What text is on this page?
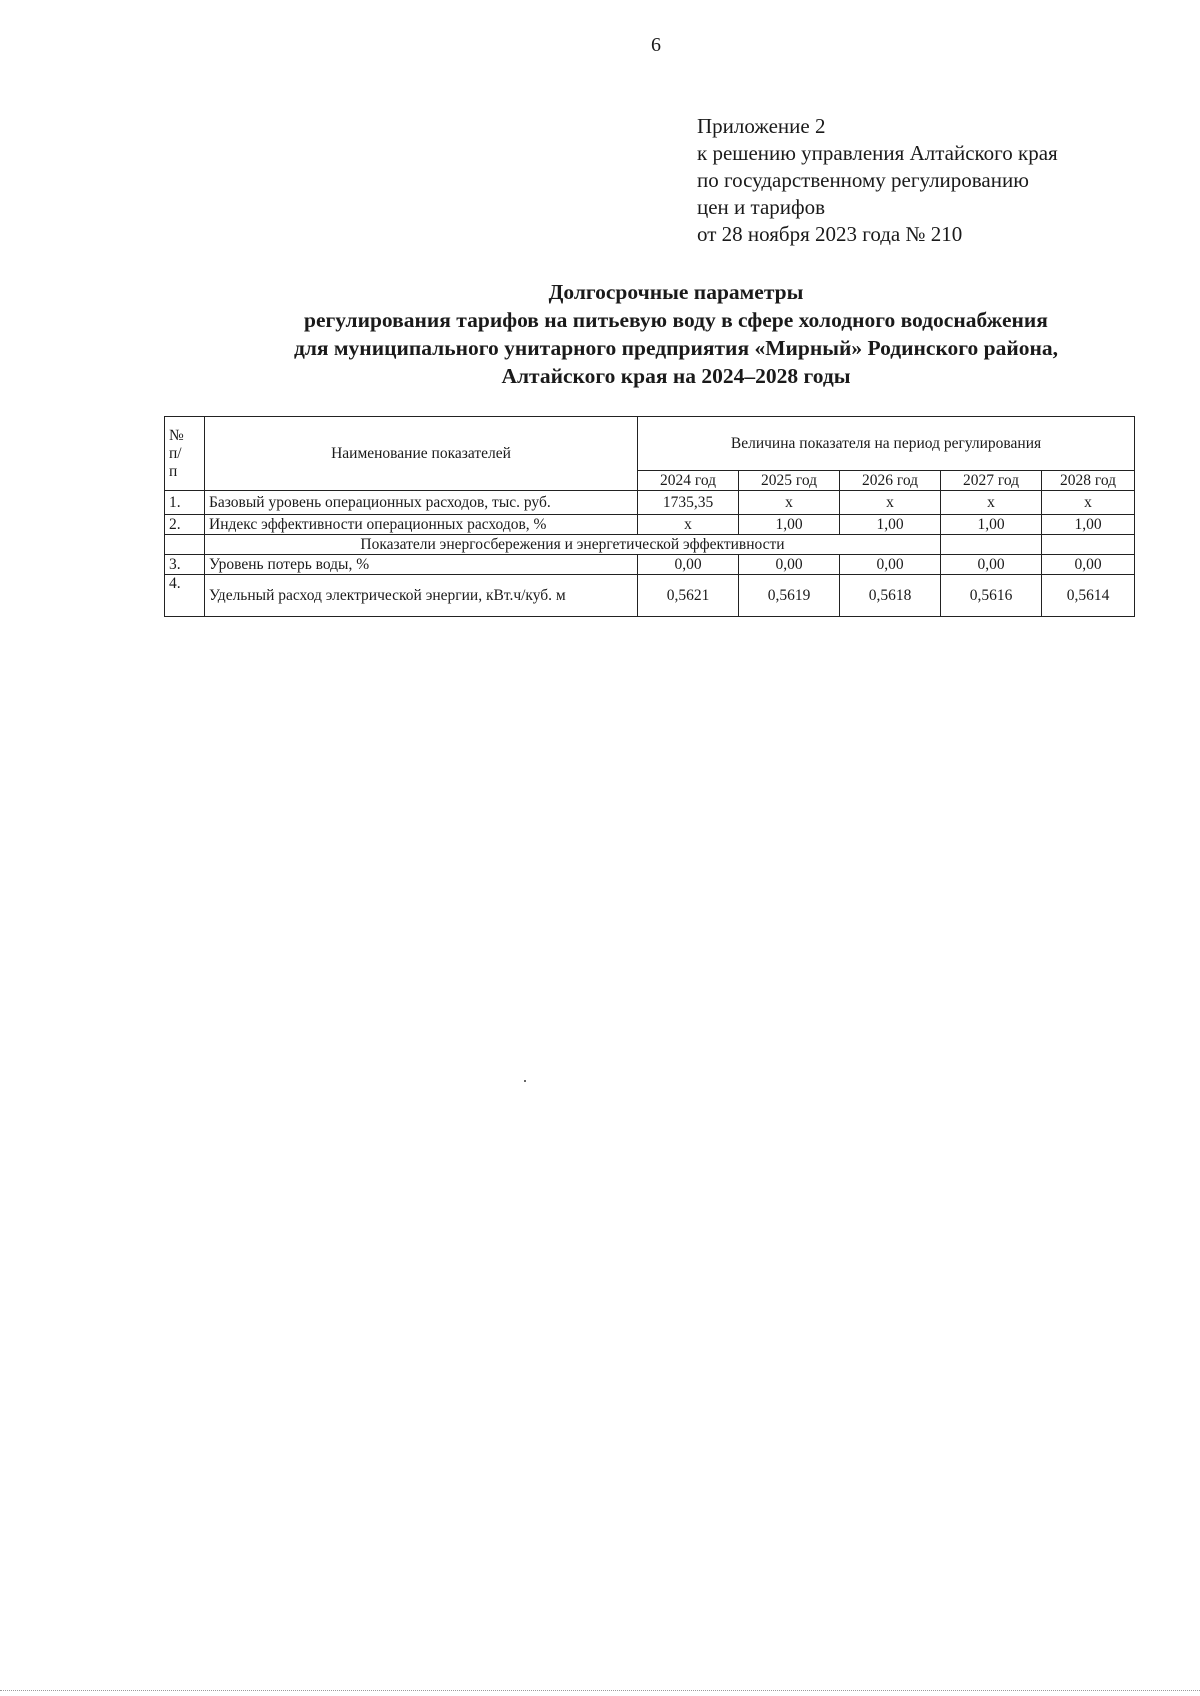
6
Приложение 2
к решению управления Алтайского края
по государственному регулированию
цен и тарифов
от 28 ноября 2023 года № 210
Долгосрочные параметры
регулирования тарифов на питьевую воду в сфере холодного водоснабжения
для муниципального унитарного предприятия «Мирный» Родинского района,
Алтайского края на 2024–2028 годы
№
п/
п	Наименование показателей	Величина показателя на период регулирования				
		2024 год	2025 год	2026 год	2027 год	2028 год
1.	Базовый уровень операционных расходов, тыс. руб.	1735,35	х	х	х	х
2.	Индекс эффективности операционных расходов, %	х	1,00	1,00	1,00	1,00
	Показатели энергосбережения и энергетической эффективности					
3.	Уровень потерь воды, %	0,00	0,00	0,00	0,00	0,00
4.	Удельный расход электрической энергии, кВт.ч/куб. м	0,5621	0,5619	0,5618	0,5616	0,5614
